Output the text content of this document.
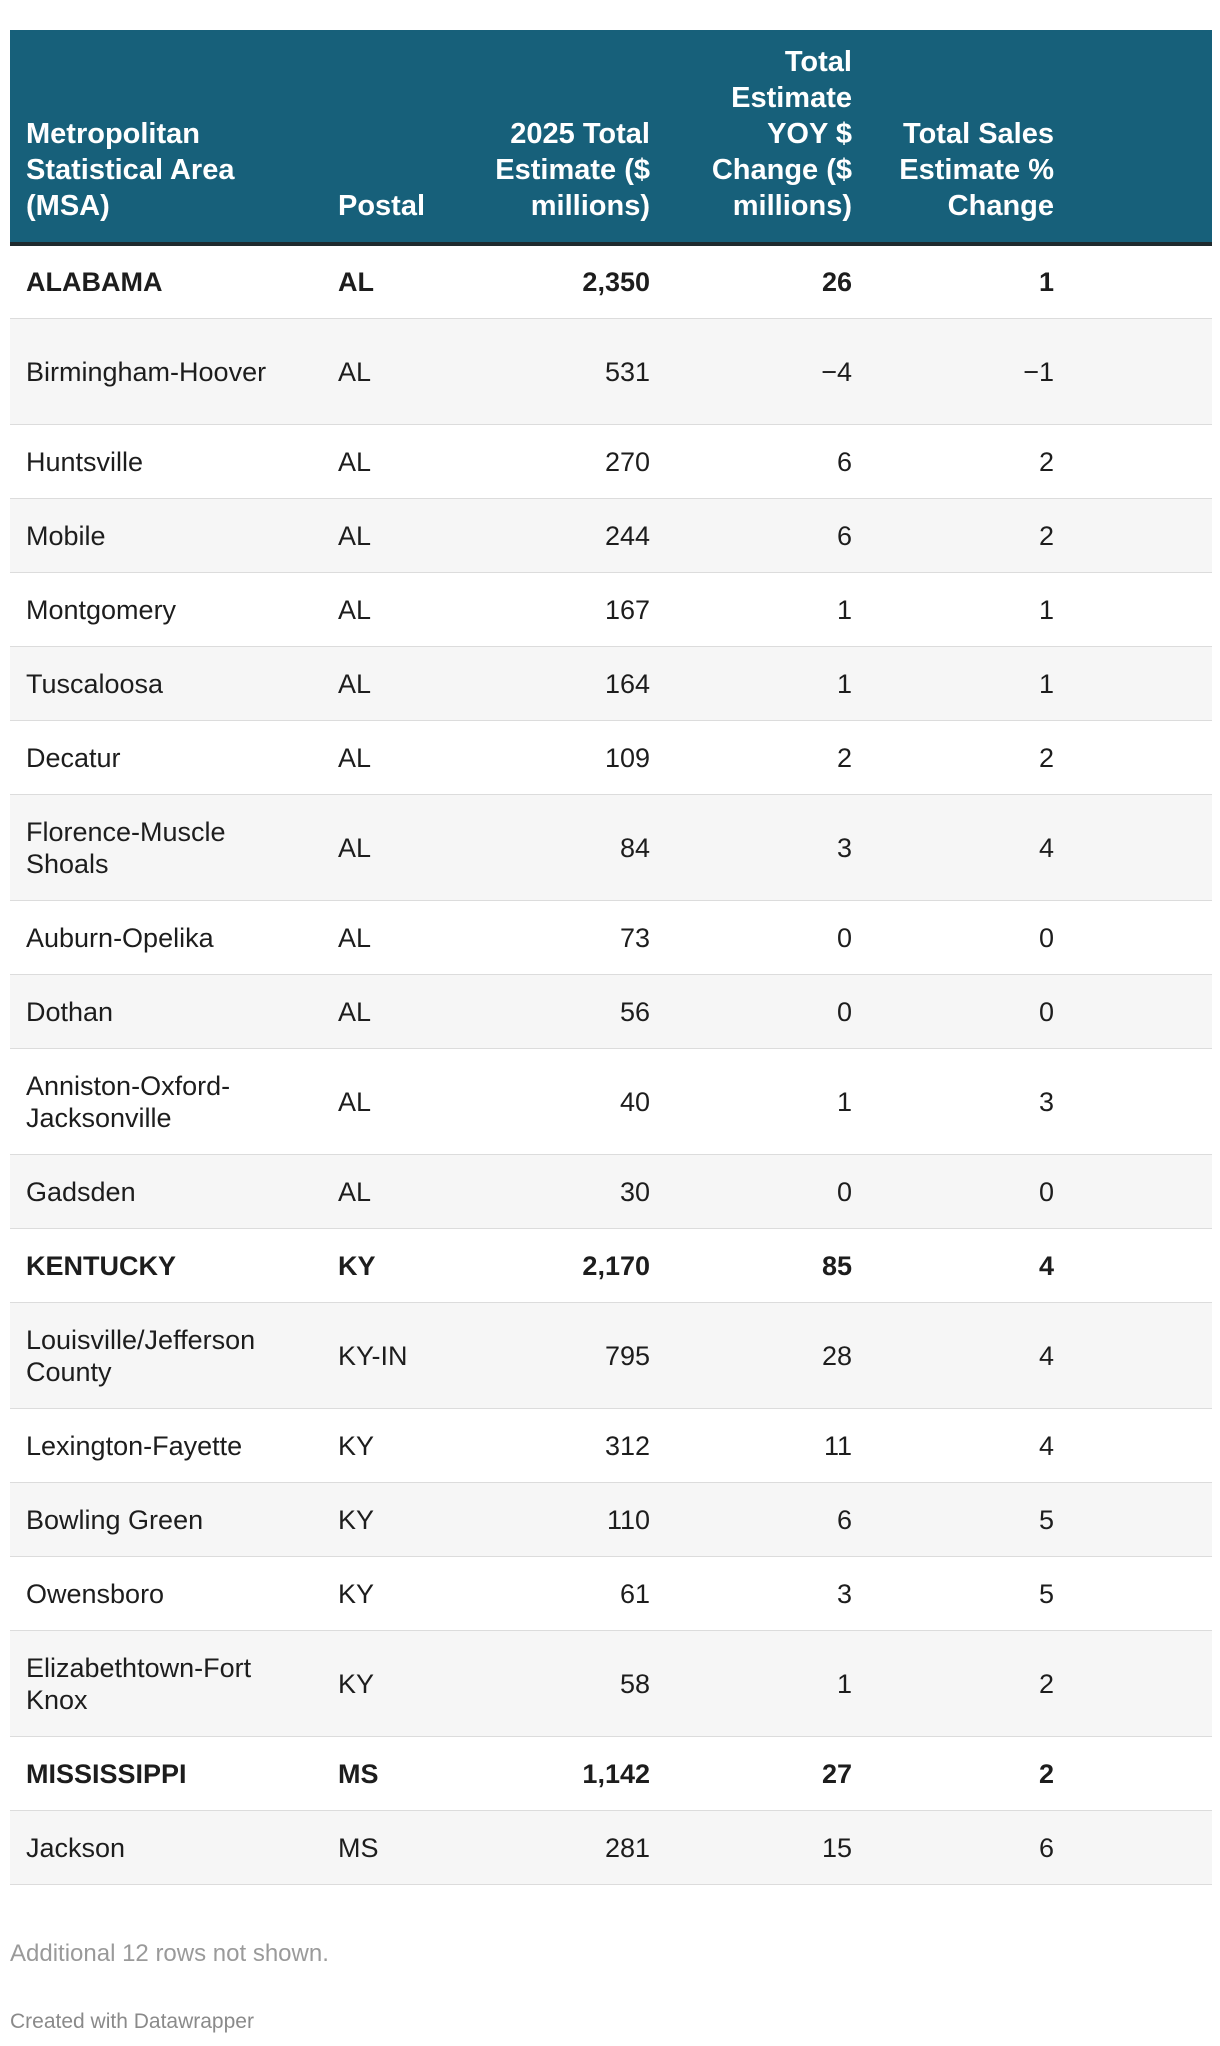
Metropolitan Statistical Area (MSA)	Postal	2025 Total Estimate ($ millions)	Total Estimate YOY $ Change ($ millions)	Total Sales Estimate % Change	
ALABAMA	AL	2,350	26	1	
Birmingham-Hoover	AL	531	−4	−1	
Huntsville	AL	270	6	2	
Mobile	AL	244	6	2	
Montgomery	AL	167	1	1	
Tuscaloosa	AL	164	1	1	
Decatur	AL	109	2	2	
Florence-Muscle Shoals	AL	84	3	4	
Auburn-Opelika	AL	73	0	0	
Dothan	AL	56	0	0	
Anniston-Oxford-Jacksonville	AL	40	1	3	
Gadsden	AL	30	0	0	
KENTUCKY	KY	2,170	85	4	
Louisville/Jefferson County	KY-IN	795	28	4	
Lexington-Fayette	KY	312	11	4	
Bowling Green	KY	110	6	5	
Owensboro	KY	61	3	5	
Elizabethtown-Fort Knox	KY	58	1	2	
MISSISSIPPI	MS	1,142	27	2	
Jackson	MS	281	15	6	
Additional 12 rows not shown.
Created with Datawrapper
